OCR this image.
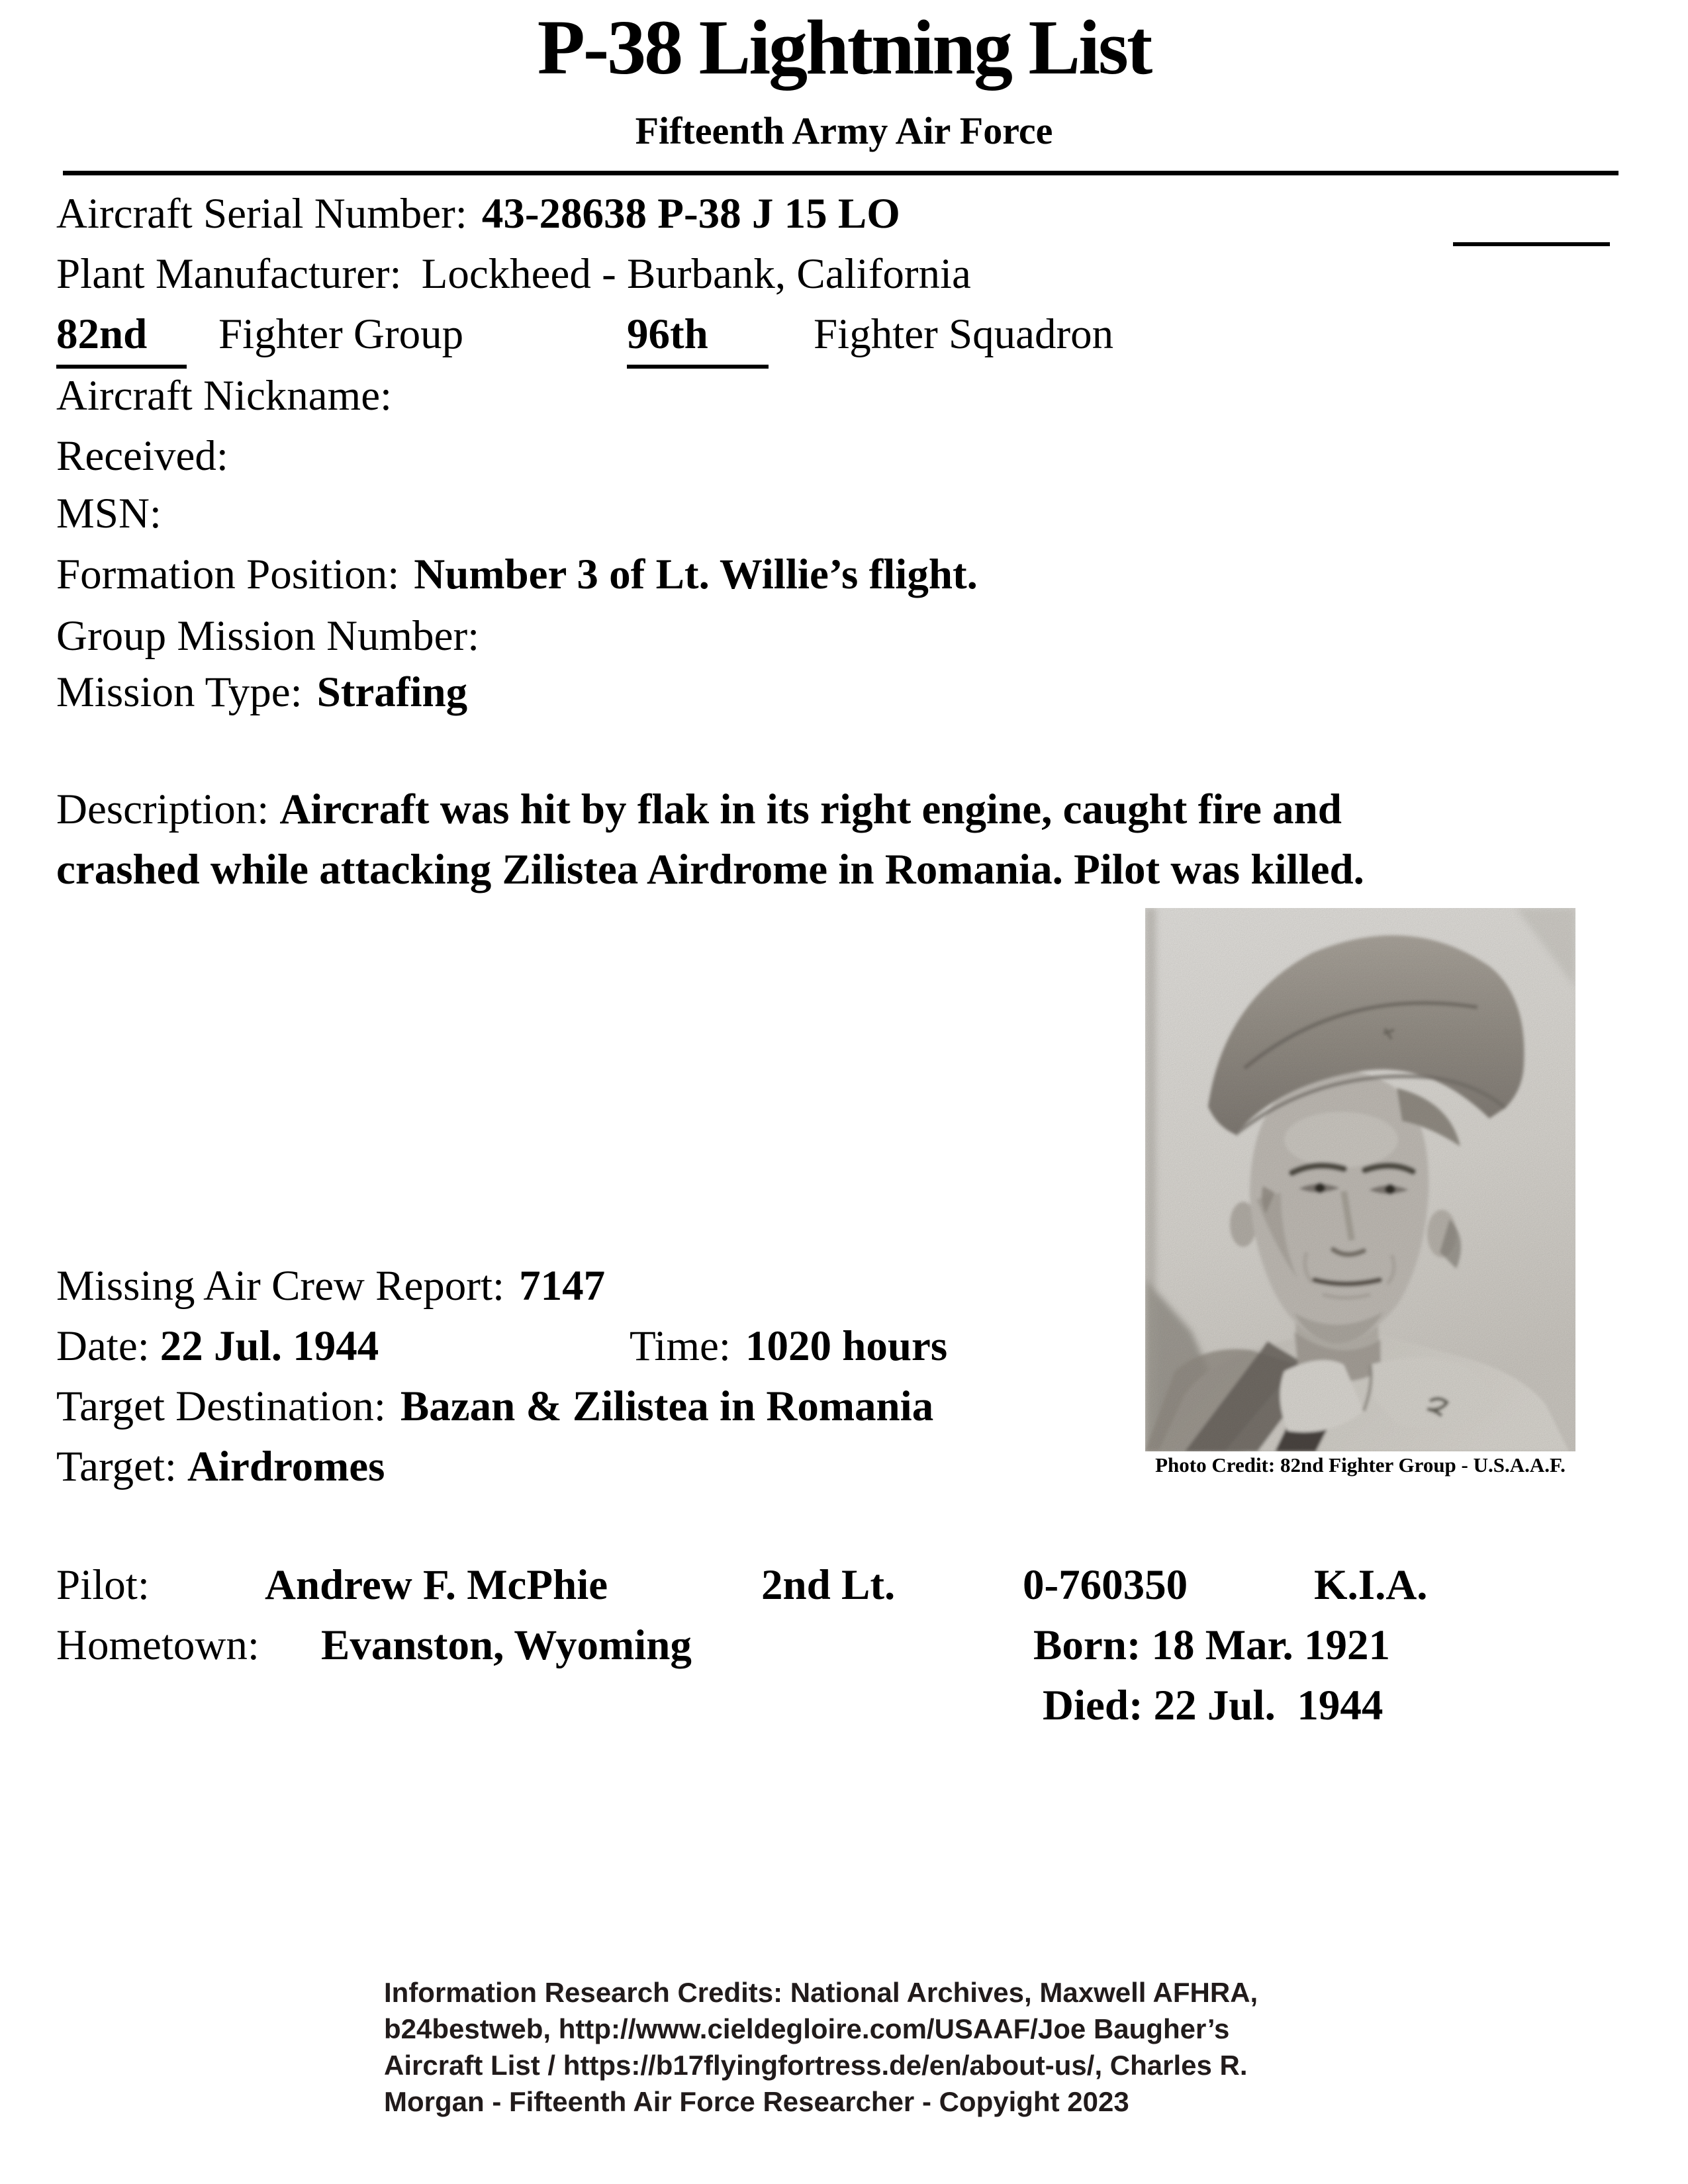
P-38 Lightning List
Fifteenth Army Air Force
Aircraft Serial Number: 43-28638 P-38 J 15 LO
Plant Manufacturer: Lockheed - Burbank, California
82nd Fighter Group	96th Fighter Squadron
Aircraft Nickname:
Received:
MSN:
Formation Position: Number 3 of Lt. Willie’s flight.
Group Mission Number:
Mission Type: Strafing
Description: Aircraft was hit by flak in its right engine, caught fire and
crashed while attacking Zilistea Airdrome in Romania. Pilot was killed.
Photo Credit: 82nd Fighter Group - U.S.A.A.F.
Missing Air Crew Report: 7147
Date: 22 Jul. 1944	Time: 1020 hours
Target Destination: Bazan & Zilistea in Romania
Target: Airdromes
Pilot:	Andrew F. McPhie	2nd Lt.	0-760350	K.I.A.
Hometown: Evanston, Wyoming	Born: 18 Mar. 1921
Died: 22 Jul.  1944
Information Research Credits: National Archives, Maxwell AFHRA,
b24bestweb, http://www.cieldegloire.com/USAAF/Joe Baugher’s
Aircraft List / https://b17flyingfortress.de/en/about-us/, Charles R.
Morgan - Fifteenth Air Force Researcher - Copyight 2023
